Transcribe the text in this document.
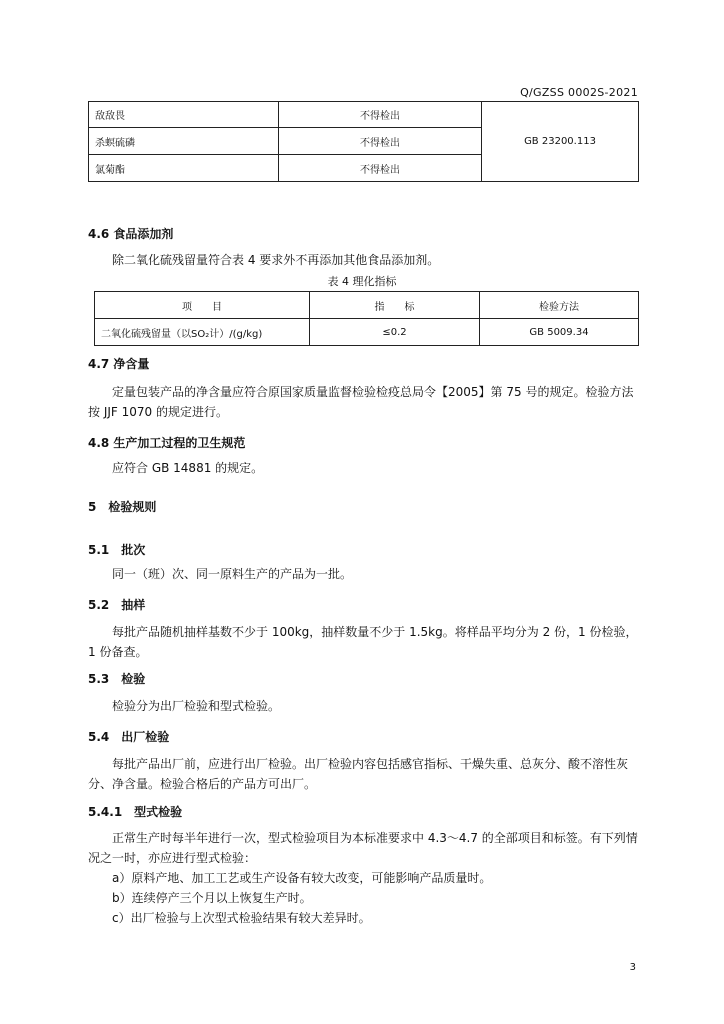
Q/GZSS 0002S-2021
敌敌畏	不得检出	GB 23200.113
杀螟硫磷	不得检出	
氯菊酯	不得检出	
4.6 食品添加剂
除二氧化硫残留量符合表 4 要求外不再添加其他食品添加剂。
表 4 理化指标
项　　目	指　　标	检验方法
二氧化硫残留量（以SO₂计）/(g/kg)	≤0.2	GB 5009.34
4.7 净含量
定量包装产品的净含量应符合原国家质量监督检验检疫总局令【2005】第 75 号的规定。检验方法按 JJF 1070 的规定进行。
4.8 生产加工过程的卫生规范
应符合 GB 14881 的规定。
5　检验规则
5.1　批次
同一（班）次、同一原料生产的产品为一批。
5.2　抽样
每批产品随机抽样基数不少于 100kg，抽样数量不少于 1.5kg。将样品平均分为 2 份，1 份检验，1 份备查。
5.3　检验
检验分为出厂检验和型式检验。
5.4　出厂检验
每批产品出厂前，应进行出厂检验。出厂检验内容包括感官指标、干燥失重、总灰分、酸不溶性灰分、净含量。检验合格后的产品方可出厂。
5.4.1　型式检验
正常生产时每半年进行一次，型式检验项目为本标准要求中 4.3～4.7 的全部项目和标签。有下列情况之一时，亦应进行型式检验：
a）原料产地、加工工艺或生产设备有较大改变，可能影响产品质量时。
b）连续停产三个月以上恢复生产时。
c）出厂检验与上次型式检验结果有较大差异时。
3
